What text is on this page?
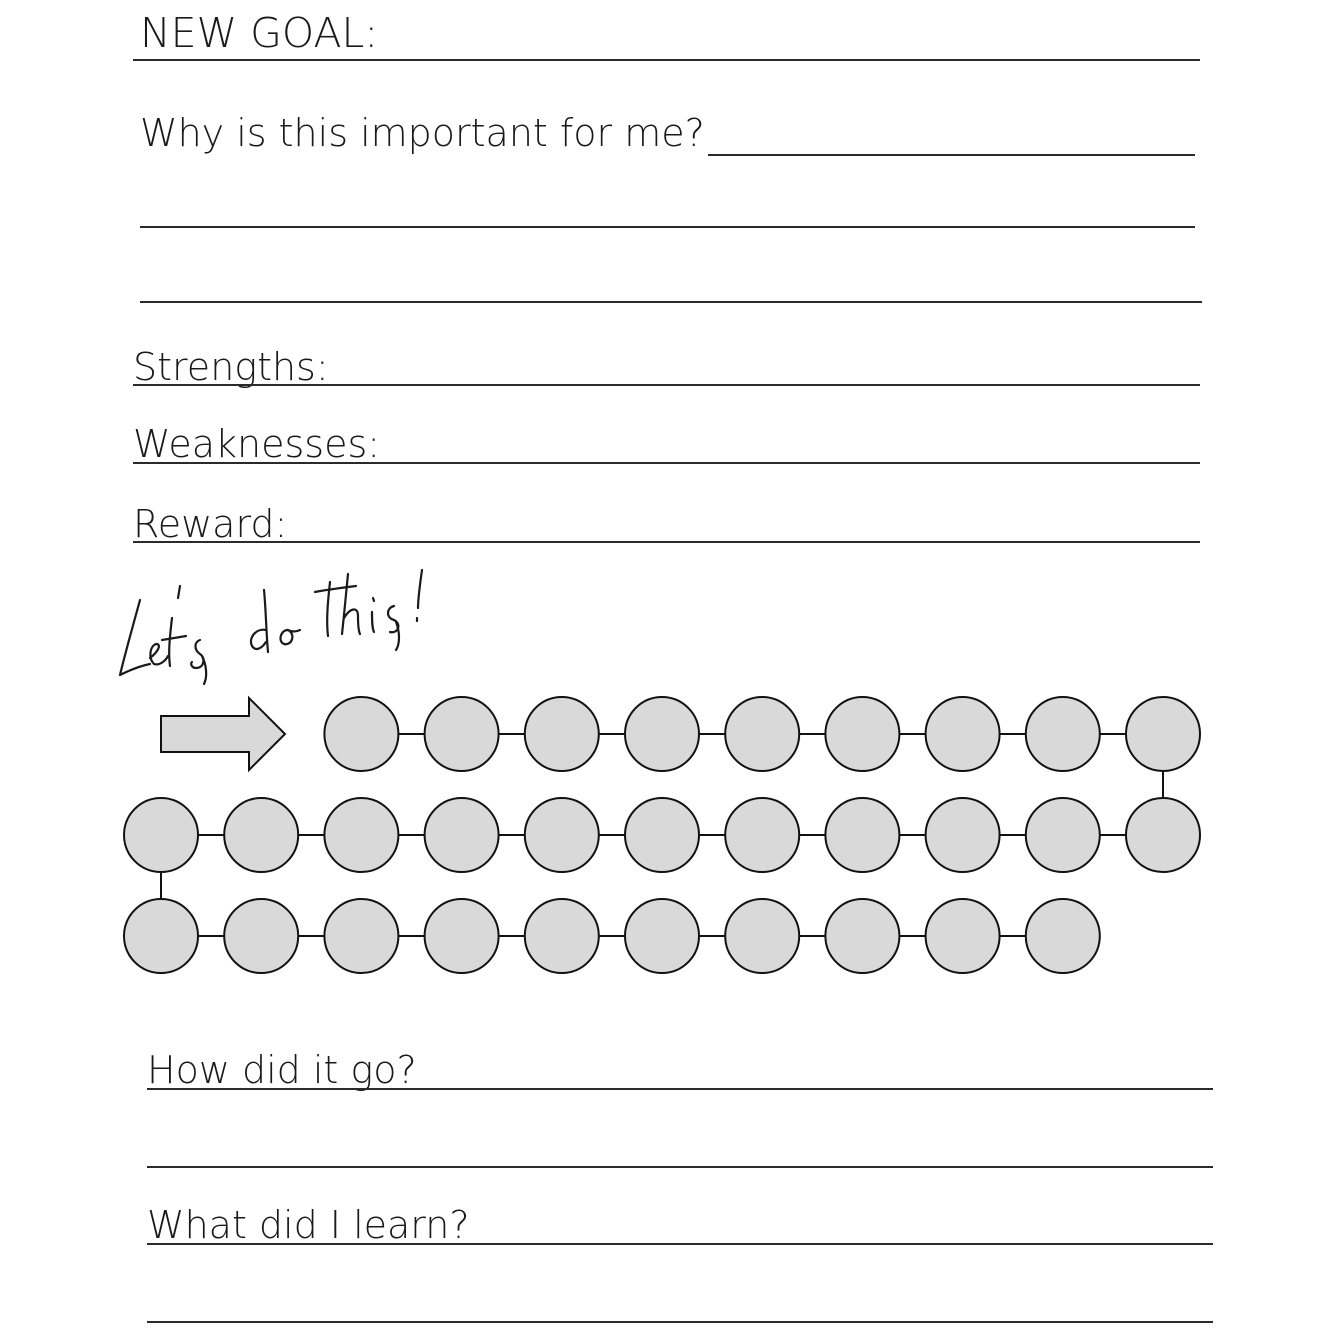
NEW GOAL:
Why is this important for me?
Strengths:
Weaknesses:
Reward:
How did it go?
What did I learn?
